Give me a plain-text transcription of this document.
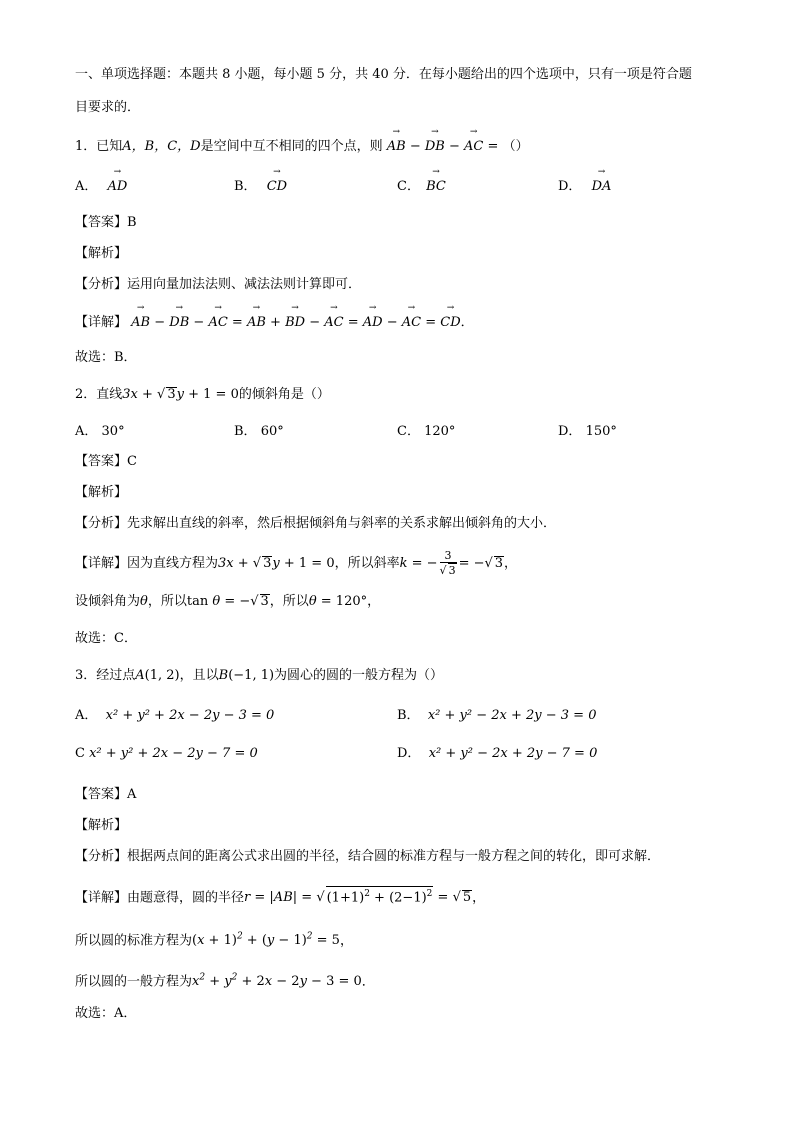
一、单项选择题：本题共 8 小题，每小题 5 分，共 40 分．在每小题给出的四个选项中，只有一项是符合题
目要求的．
1．已知A，B，C，D是空间中互不相同的四个点，则 → AB − → DB − → AC = （）
A． → AD	B． → CD	C． → BC	D． → DA
【答案】B
【解析】
【分析】运用向量加法法则、减法法则计算即可．
【详解】 → AB − → DB − → AC = → AB + → BD − → AC = → AD − → AC = → CD．
故选：B．
2．直线3x + √ 3y + 1 = 0的倾斜角是（）
A． 30°	B． 60°	C． 120°	D． 150°
【答案】C
【解析】
【分析】先求解出直线的斜率，然后根据倾斜角与斜率的关系求解出倾斜角的大小．
【详解】因为直线方程为3x + √ 3y + 1 = 0，所以斜率k = − $\frac{3}{√ 3}$ = −√ 3，
设倾斜角为θ，所以tan θ = −√ 3，所以θ = 120°，
故选：C．
3．经过点A(1, 2)，且以B(−1, 1)为圆心的圆的一般方程为（）
A． x² + y² + 2x − 2y − 3 = 0	B． x² + y² − 2x + 2y − 3 = 0
C x² + y² + 2x − 2y − 7 = 0	D． x² + y² − 2x + 2y − 7 = 0
【答案】A
【解析】
【分析】根据两点间的距离公式求出圆的半径，结合圆的标准方程与一般方程之间的转化，即可求解．
【详解】由题意得，圆的半径r = |AB| = √ $(1+1)^2 + (2-1)^2$ = √ 5，
所以圆的标准方程为$(x + 1)^2 + (y - 1)^2 = 5$，
所以圆的一般方程为$x^2 + y^2 + 2x - 2y - 3 = 0$．
故选：A．
